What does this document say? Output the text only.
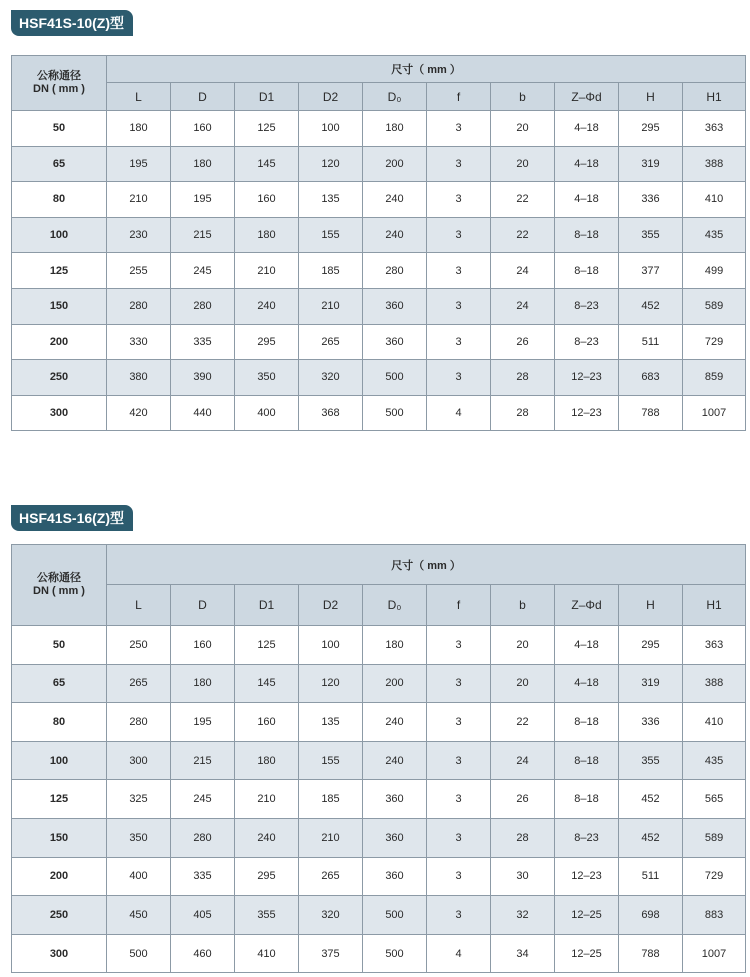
HSF41S-10(Z)型
公称通径
DN ( mm )	尺寸（ mm ）									
	L	D	D1	D2	D₀	f	b	Z–Φd	H	H1
50	180	160	125	100	180	3	20	4–18	295	363
65	195	180	145	120	200	3	20	4–18	319	388
80	210	195	160	135	240	3	22	4–18	336	410
100	230	215	180	155	240	3	22	8–18	355	435
125	255	245	210	185	280	3	24	8–18	377	499
150	280	280	240	210	360	3	24	8–23	452	589
200	330	335	295	265	360	3	26	8–23	511	729
250	380	390	350	320	500	3	28	12–23	683	859
300	420	440	400	368	500	4	28	12–23	788	1007
HSF41S-16(Z)型
公称通径
DN ( mm )	尺寸（ mm ）									
	L	D	D1	D2	D₀	f	b	Z–Φd	H	H1
50	250	160	125	100	180	3	20	4–18	295	363
65	265	180	145	120	200	3	20	4–18	319	388
80	280	195	160	135	240	3	22	8–18	336	410
100	300	215	180	155	240	3	24	8–18	355	435
125	325	245	210	185	360	3	26	8–18	452	565
150	350	280	240	210	360	3	28	8–23	452	589
200	400	335	295	265	360	3	30	12–23	511	729
250	450	405	355	320	500	3	32	12–25	698	883
300	500	460	410	375	500	4	34	12–25	788	1007
